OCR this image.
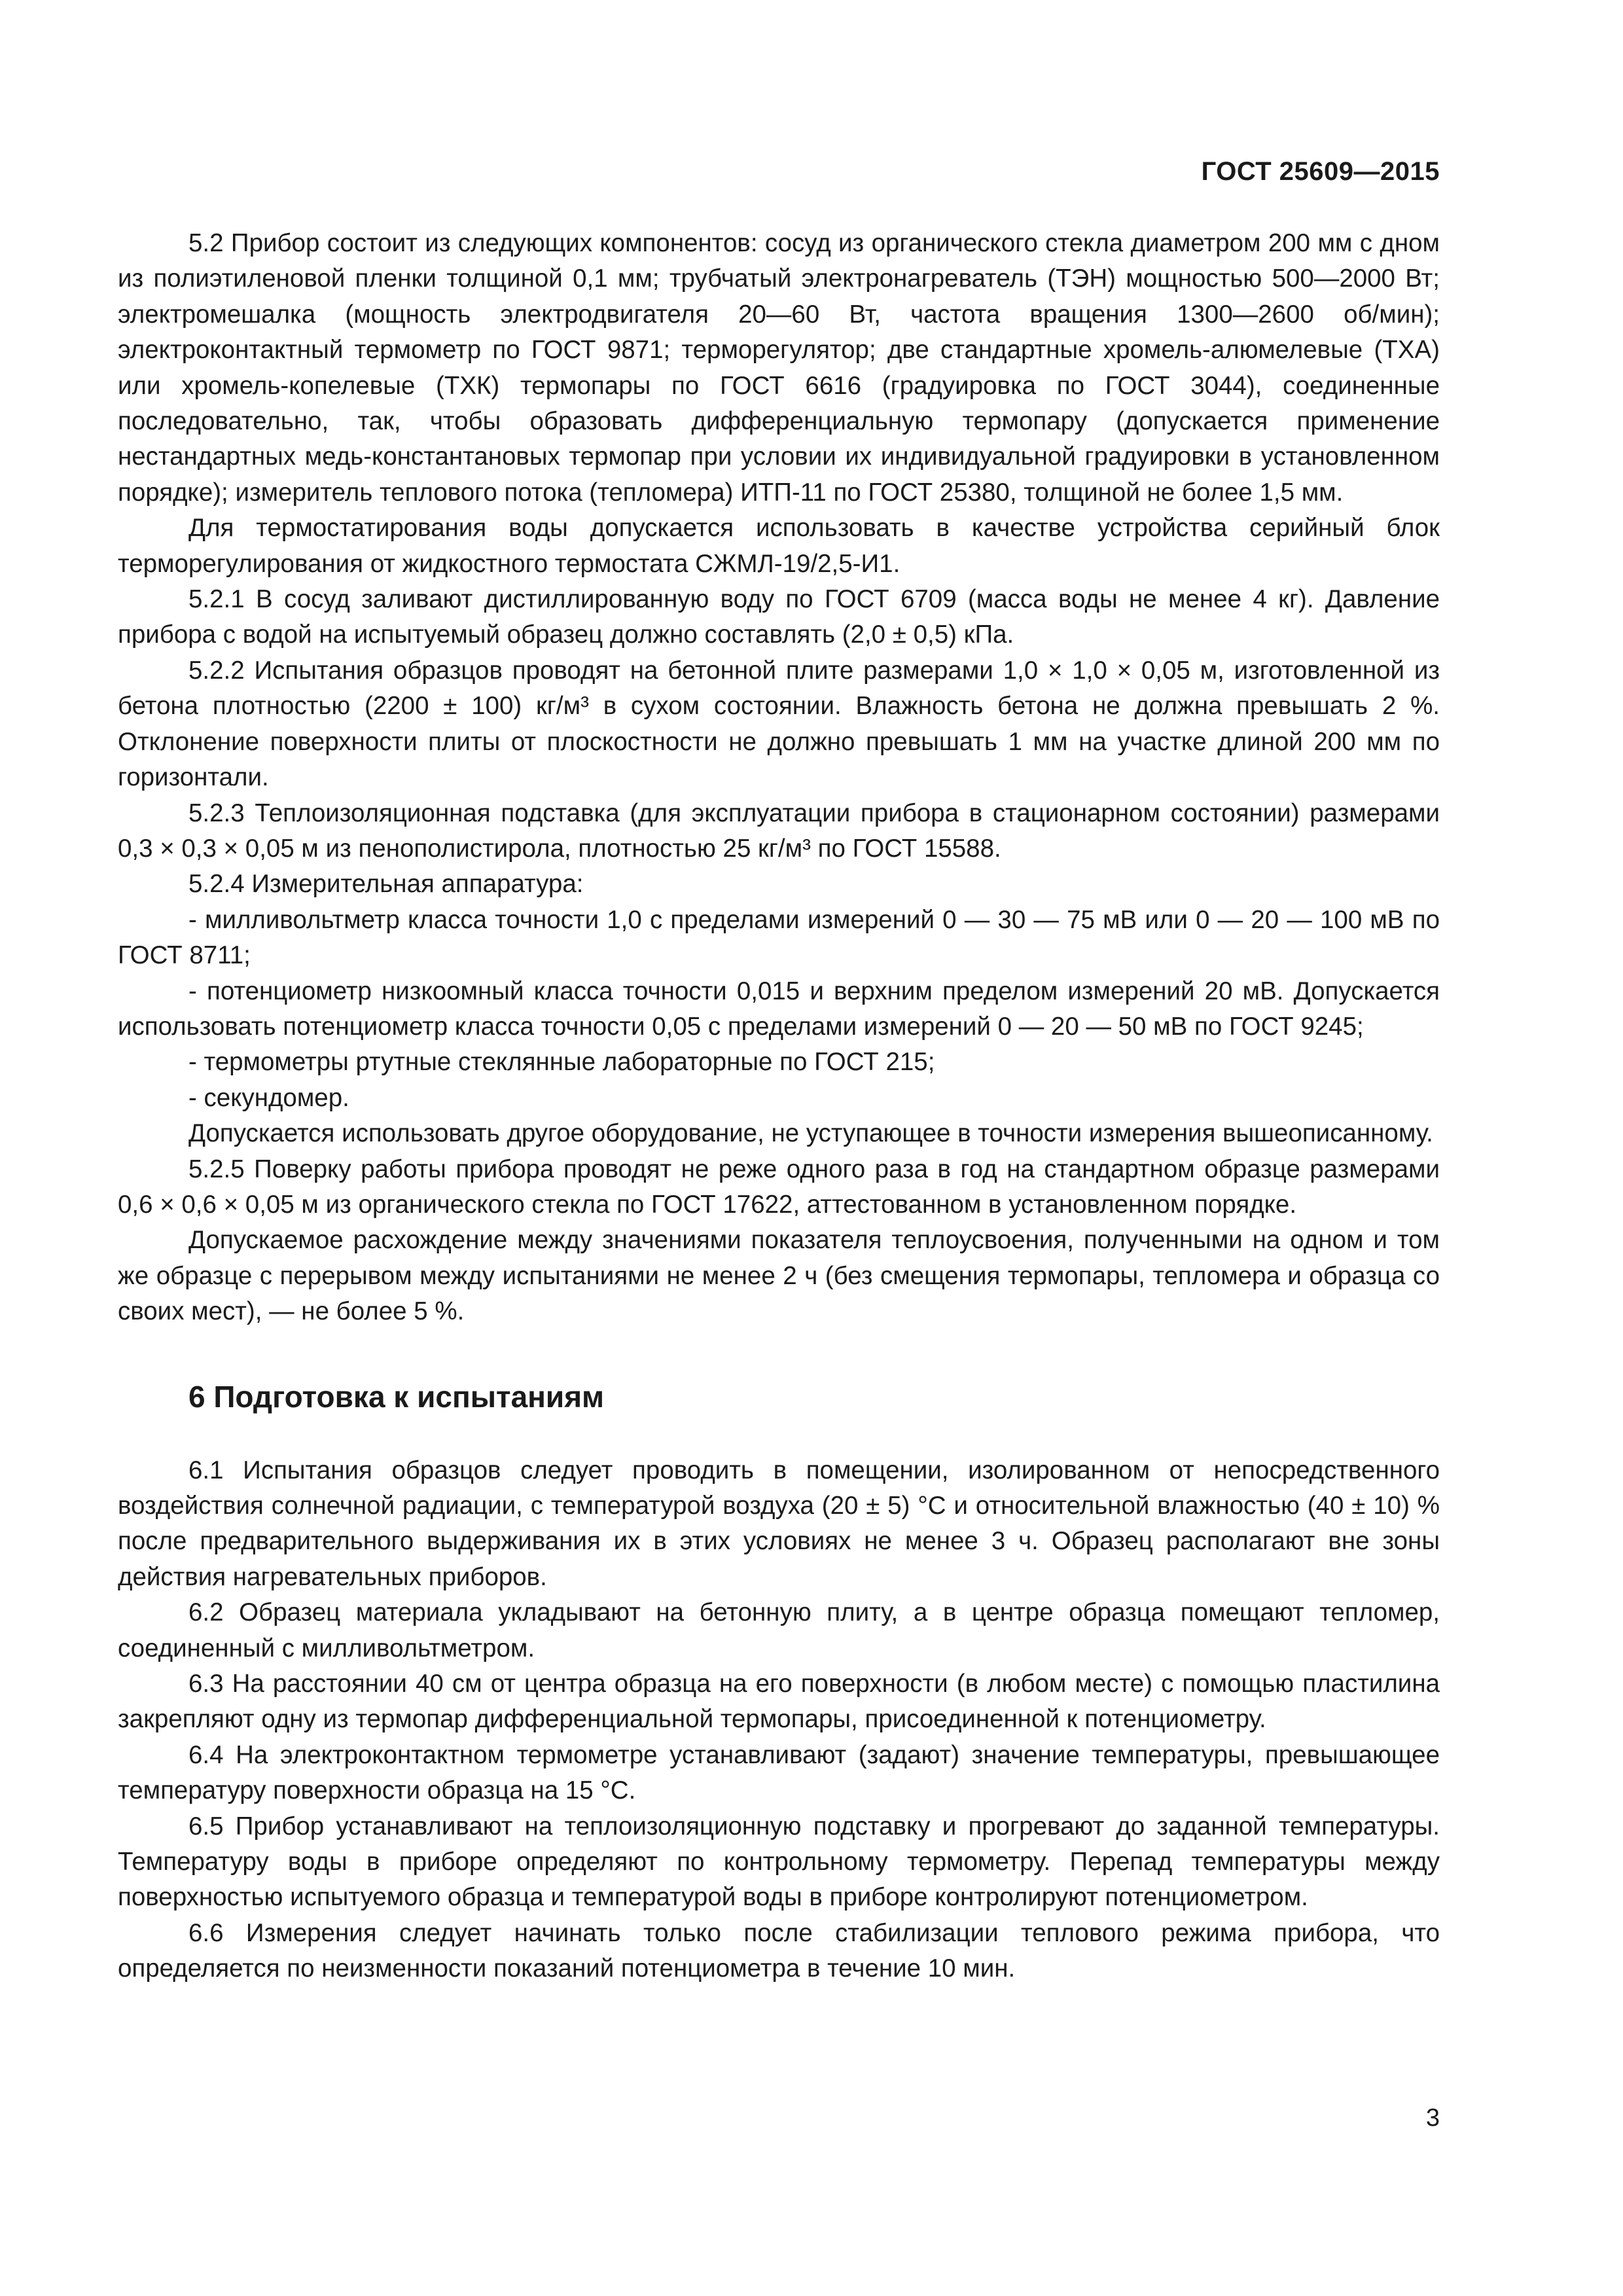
ГОСТ 25609—2015

5.2 Прибор состоит из следующих компонентов: сосуд из органического стекла диаметром 200 мм с дном из полиэтиленовой пленки толщиной 0,1 мм; трубчатый электронагреватель (ТЭН) мощностью 500—2000 Вт; электромешалка (мощность электродвигателя 20—60 Вт, частота вращения 1300—2600 об/мин); электроконтактный термометр по ГОСТ 9871; терморегулятор; две стандартные хромель-алюмелевые (ТХА) или хромель-копелевые (ТХК) термопары по ГОСТ 6616 (градуировка по ГОСТ 3044), соединенные последовательно, так, чтобы образовать дифференциальную термопару (допускается применение нестандартных медь-константановых термопар при условии их индивидуальной градуировки в установленном порядке); измеритель теплового потока (тепломера) ИТП-11 по ГОСТ 25380, толщиной не более 1,5 мм.

Для термостатирования воды допускается использовать в качестве устройства серийный блок терморегулирования от жидкостного термостата СЖМЛ-19/2,5-И1.

5.2.1 В сосуд заливают дистиллированную воду по ГОСТ 6709 (масса воды не менее 4 кг). Давление прибора с водой на испытуемый образец должно составлять (2,0 ± 0,5) кПа.

5.2.2 Испытания образцов проводят на бетонной плите размерами 1,0 × 1,0 × 0,05 м, изготовленной из бетона плотностью (2200 ± 100) кг/м³ в сухом состоянии. Влажность бетона не должна превышать 2 %. Отклонение поверхности плиты от плоскостности не должно превышать 1 мм на участке длиной 200 мм по горизонтали.

5.2.3 Теплоизоляционная подставка (для эксплуатации прибора в стационарном состоянии) размерами 0,3 × 0,3 × 0,05 м из пенополистирола, плотностью 25 кг/м³ по ГОСТ 15588.

5.2.4 Измерительная аппаратура:

- милливольтметр класса точности 1,0 с пределами измерений 0 — 30 — 75 мВ или 0 — 20 — 100 мВ по ГОСТ 8711;

- потенциометр низкоомный класса точности 0,015 и верхним пределом измерений 20 мВ. Допускается использовать потенциометр класса точности 0,05 с пределами измерений 0 — 20 — 50 мВ по ГОСТ 9245;

- термометры ртутные стеклянные лабораторные по ГОСТ 215;

- секундомер.

Допускается использовать другое оборудование, не уступающее в точности измерения вышеописанному.

5.2.5 Поверку работы прибора проводят не реже одного раза в год на стандартном образце размерами 0,6 × 0,6 × 0,05 м из органического стекла по ГОСТ 17622, аттестованном в установленном порядке.

Допускаемое расхождение между значениями показателя теплоусвоения, полученными на одном и том же образце с перерывом между испытаниями не менее 2 ч (без смещения термопары, тепломера и образца со своих мест), — не более 5 %.

6 Подготовка к испытаниям

6.1 Испытания образцов следует проводить в помещении, изолированном от непосредственного воздействия солнечной радиации, с температурой воздуха (20 ± 5) °С и относительной влажностью (40 ± 10) % после предварительного выдерживания их в этих условиях не менее 3 ч. Образец располагают вне зоны действия нагревательных приборов.

6.2 Образец материала укладывают на бетонную плиту, а в центре образца помещают тепломер, соединенный с милливольтметром.

6.3 На расстоянии 40 см от центра образца на его поверхности (в любом месте) с помощью пластилина закрепляют одну из термопар дифференциальной термопары, присоединенной к потенциометру.

6.4 На электроконтактном термометре устанавливают (задают) значение температуры, превышающее температуру поверхности образца на 15 °С.

6.5 Прибор устанавливают на теплоизоляционную подставку и прогревают до заданной температуры. Температуру воды в приборе определяют по контрольному термометру. Перепад температуры между поверхностью испытуемого образца и температурой воды в приборе контролируют потенциометром.

6.6 Измерения следует начинать только после стабилизации теплового режима прибора, что определяется по неизменности показаний потенциометра в течение 10 мин.

3
